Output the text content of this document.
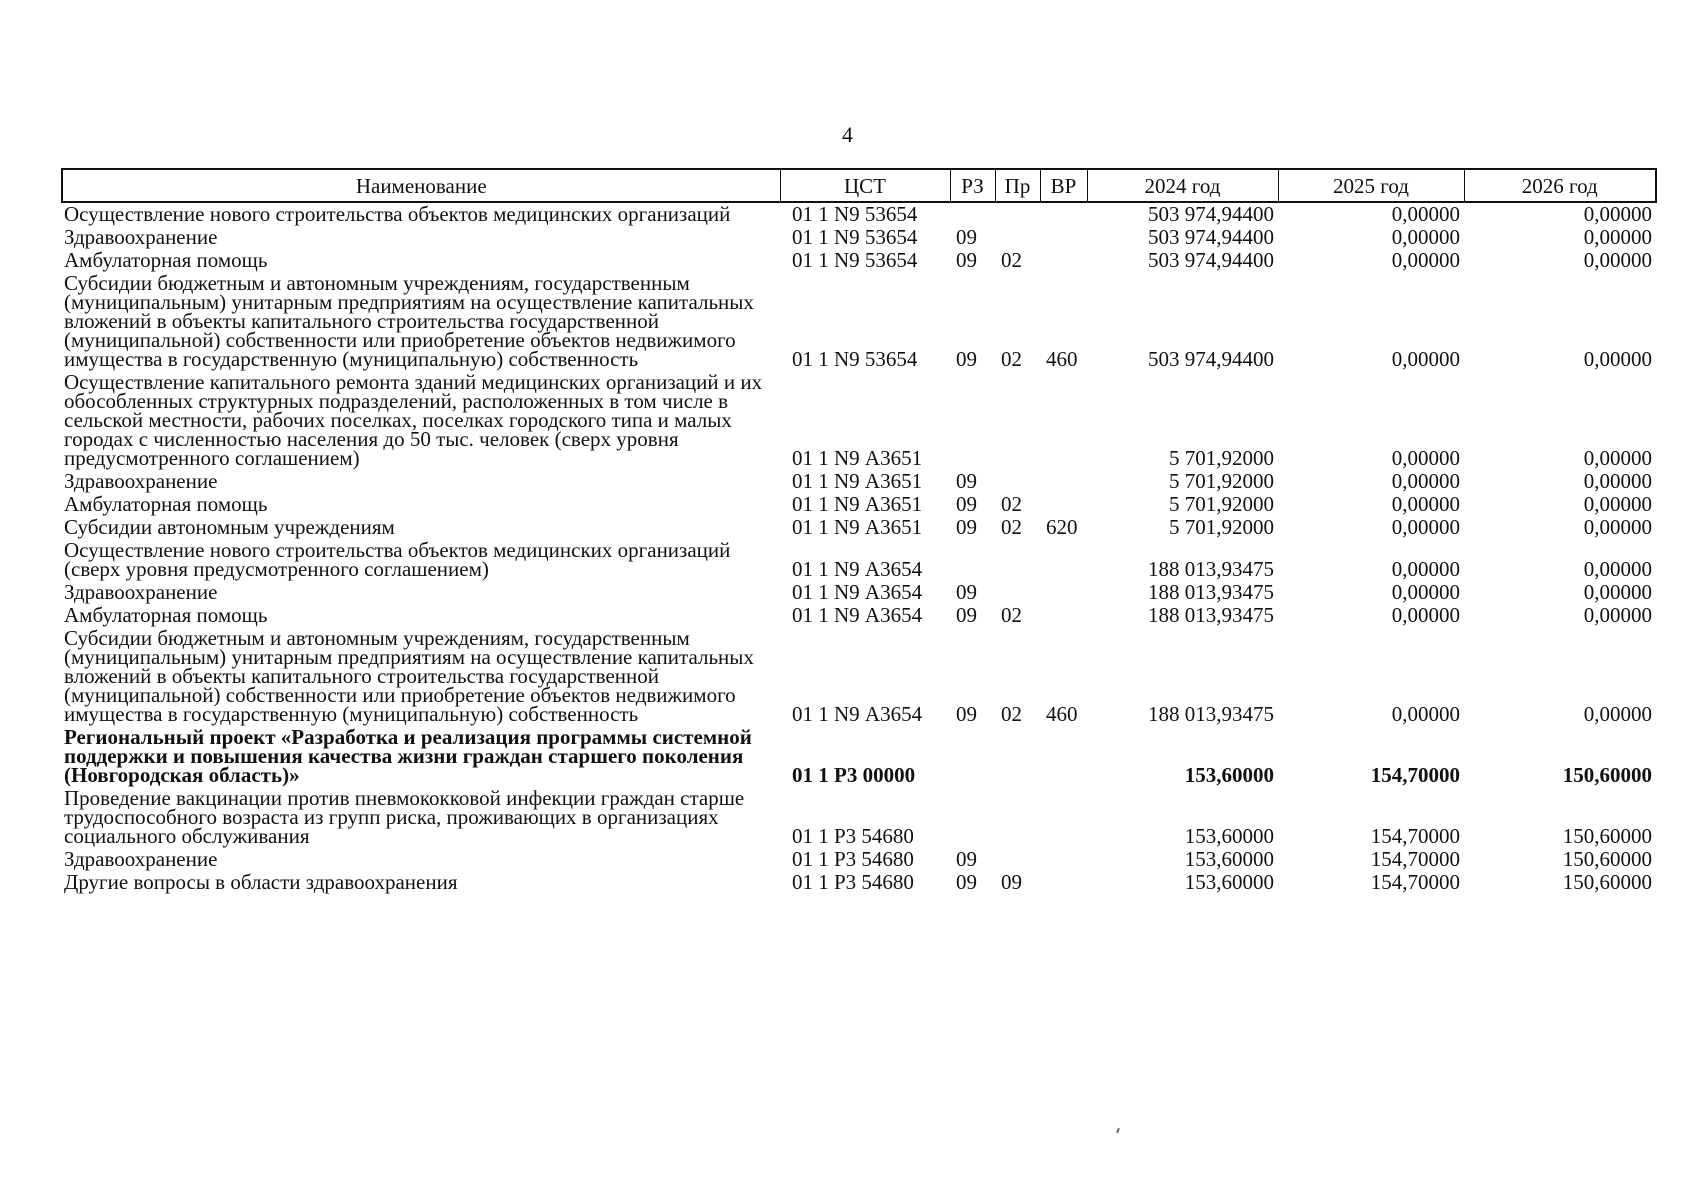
4
Наименование	ЦСТ	РЗ	Пр	ВР	2024 год	2025 год	2026 год
Осуществление нового строительства объектов медицинских организаций	01 1 N9 53654				503 974,94400	0,00000	0,00000
Здравоохранение	01 1 N9 53654	09			503 974,94400	0,00000	0,00000
Амбулаторная помощь	01 1 N9 53654	09	02		503 974,94400	0,00000	0,00000
Субсидии бюджетным и автономным учреждениям, государственным (муниципальным) унитарным предприятиям на осуществление капитальных вложений в объекты капитального строительства государственной (муниципальной) собственности или приобретение объектов недвижимого имущества в государственную (муниципальную) собственность	01 1 N9 53654	09	02	460	503 974,94400	0,00000	0,00000
Осуществление капитального ремонта зданий медицинских организаций и их обособленных структурных подразделений, расположенных в том числе в сельской местности, рабочих поселках, поселках городского типа и малых городах с численностью населения до 50 тыс. человек (сверх уровня предусмотренного соглашением)	01 1 N9 А3651				5 701,92000	0,00000	0,00000
Здравоохранение	01 1 N9 А3651	09			5 701,92000	0,00000	0,00000
Амбулаторная помощь	01 1 N9 А3651	09	02		5 701,92000	0,00000	0,00000
Субсидии автономным учреждениям	01 1 N9 А3651	09	02	620	5 701,92000	0,00000	0,00000
Осуществление нового строительства объектов медицинских организаций (сверх уровня предусмотренного соглашением)	01 1 N9 А3654				188 013,93475	0,00000	0,00000
Здравоохранение	01 1 N9 А3654	09			188 013,93475	0,00000	0,00000
Амбулаторная помощь	01 1 N9 А3654	09	02		188 013,93475	0,00000	0,00000
Субсидии бюджетным и автономным учреждениям, государственным (муниципальным) унитарным предприятиям на осуществление капитальных вложений в объекты капитального строительства государственной (муниципальной) собственности или приобретение объектов недвижимого имущества в государственную (муниципальную) собственность	01 1 N9 А3654	09	02	460	188 013,93475	0,00000	0,00000
Региональный проект «Разработка и реализация программы системной поддержки и повышения качества жизни граждан старшего поколения (Новгородская область)»	01 1 Р3 00000				153,60000	154,70000	150,60000
Проведение вакцинации против пневмококковой инфекции граждан старше трудоспособного возраста из групп риска, проживающих в организациях социального обслуживания	01 1 Р3 54680				153,60000	154,70000	150,60000
Здравоохранение	01 1 Р3 54680	09			153,60000	154,70000	150,60000
Другие вопросы в области здравоохранения	01 1 Р3 54680	09	09		153,60000	154,70000	150,60000
